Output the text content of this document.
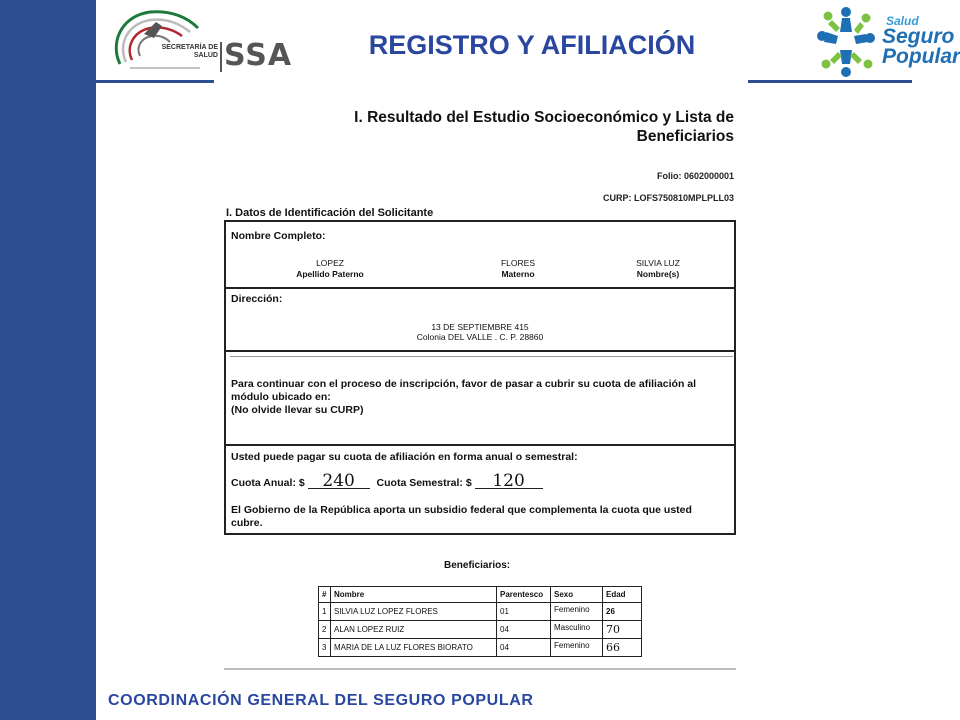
SECRETARÍA DE
SALUD SSA	REGISTRO Y AFILIACIÓN
Salud
Seguro
Popular
I. Resultado del Estudio Socioeconómico y Lista de
Beneficiarios
Folio: 0602000001
CURP: LOFS750810MPLPLL03
I. Datos de Identificación del Solicitante
Nombre Completo:
LOPEZ
Apellido Paterno
FLORES
Materno
SILVIA LUZ
Nombre(s)
Dirección:
13 DE SEPTIEMBRE 415
Colonia DEL VALLE . C. P. 28860
Para continuar con el proceso de inscripción, favor de pasar a cubrir su cuota de afiliación al
módulo ubicado en:
(No olvide llevar su CURP)
Usted puede pagar su cuota de afiliación en forma anual o semestral:
Cuota Anual: $ 240 Cuota Semestral: $ 120
El Gobierno de la República aporta un subsidio federal que complementa la cuota que usted
cubre.
Beneficiarios:
#	Nombre	Parentesco	Sexo	Edad
1	SILVIA LUZ LOPEZ FLORES	01	Femenino	26
2	ALAN LOPEZ RUIZ	04	Masculino	70
3	MARIA DE LA LUZ FLORES BIORATO	04	Femenino	66
COORDINACIÓN GENERAL DEL SEGURO POPULAR
